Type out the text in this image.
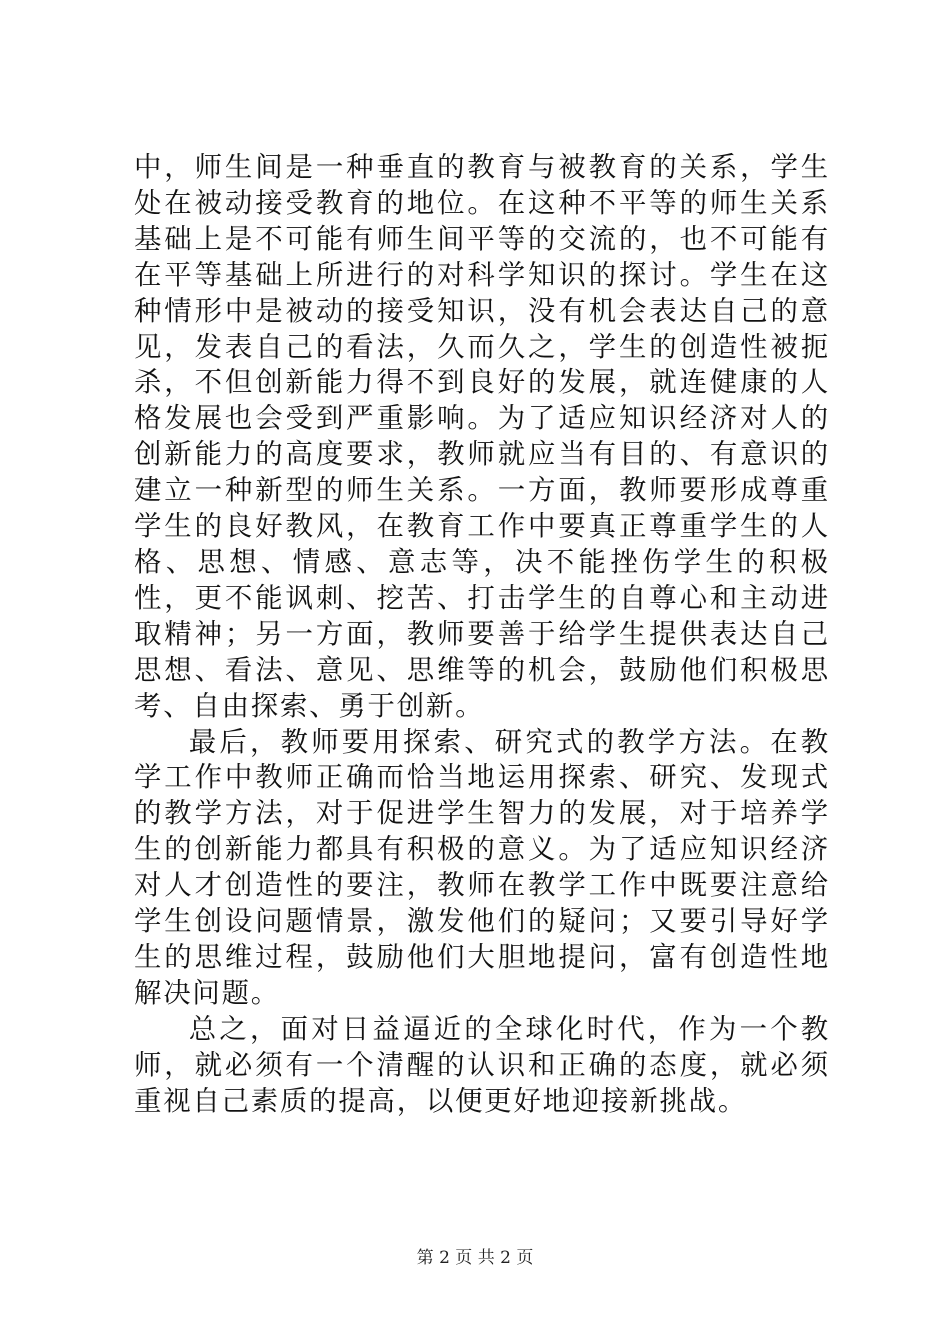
中，师生间是一种垂直的教育与被教育的关系，学生处在被动接受教育的地位。在这种不平等的师生关系基础上是不可能有师生间平等的交流的，也不可能有在平等基础上所进行的对科学知识的探讨。学生在这种情形中是被动的接受知识，没有机会表达自己的意见，发表自己的看法，久而久之，学生的创造性被扼杀，不但创新能力得不到良好的发展，就连健康的人格发展也会受到严重影响。为了适应知识经济对人的创新能力的高度要求，教师就应当有目的、有意识的建立一种新型的师生关系。一方面，教师要形成尊重学生的良好教风，在教育工作中要真正尊重学生的人格、思想、情感、意志等，决不能挫伤学生的积极性，更不能讽刺、挖苦、打击学生的自尊心和主动进取精神；另一方面，教师要善于给学生提供表达自己思想、看法、意见、思维等的机会，鼓励他们积极思考、自由探索、勇于创新。

最后，教师要用探索、研究式的教学方法。在教学工作中教师正确而恰当地运用探索、研究、发现式的教学方法，对于促进学生智力的发展，对于培养学生的创新能力都具有积极的意义。为了适应知识经济对人才创造性的要注，教师在教学工作中既要注意给学生创设问题情景，激发他们的疑问；又要引导好学生的思维过程，鼓励他们大胆地提问，富有创造性地解决问题。

总之，面对日益逼近的全球化时代，作为一个教师，就必须有一个清醒的认识和正确的态度，就必须重视自己素质的提高，以便更好地迎接新挑战。

第 2 页 共 2 页
